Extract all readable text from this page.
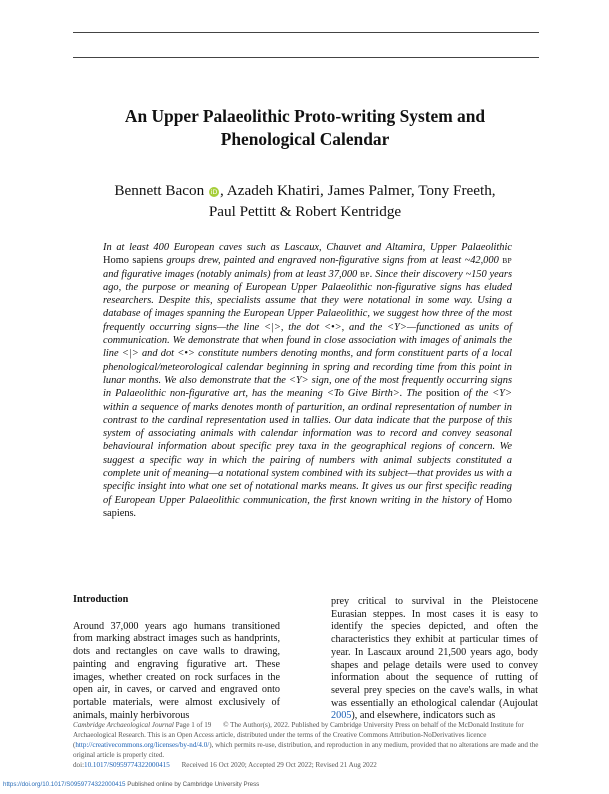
An Upper Palaeolithic Proto-writing System and
Phenological Calendar
Bennett Bacon iD , Azadeh Khatiri, James Palmer, Tony Freeth,
Paul Pettitt & Robert Kentridge
In at least 400 European caves such as Lascaux, Chauvet and Altamira, Upper Palaeolithic Homo sapiens groups drew, painted and engraved non-figurative signs from at least ~42,000 BP and figurative images (notably animals) from at least 37,000 BP. Since their discovery ~150 years ago, the purpose or meaning of European Upper Palaeolithic non-figurative signs has eluded researchers. Despite this, specialists assume that they were notational in some way. Using a database of images spanning the European Upper Palaeolithic, we suggest how three of the most frequently occurring signs—the line <|>, the dot <•>, and the <Y>—functioned as units of communication. We demonstrate that when found in close association with images of animals the line <|> and dot <•> constitute numbers denoting months, and form constituent parts of a local phenological/meteorological calendar beginning in spring and recording time from this point in lunar months. We also demonstrate that the <Y> sign, one of the most frequently occurring signs in Palaeolithic non-figurative art, has the meaning <To Give Birth>. The position of the <Y> within a sequence of marks denotes month of parturition, an ordinal representation of number in contrast to the cardinal representation used in tallies. Our data indicate that the purpose of this system of associating animals with calendar information was to record and convey seasonal behavioural information about specific prey taxa in the geographical regions of concern. We suggest a specific way in which the pairing of numbers with animal subjects constituted a complete unit of meaning—a notational system combined with its subject—that provides us with a specific insight into what one set of notational marks means. It gives us our first specific reading of European Upper Palaeolithic communication, the first known writing in the history of Homo sapiens.
Introduction

Around 37,000 years ago humans transitioned from marking abstract images such as handprints, dots and rectangles on cave walls to drawing, painting and engraving figurative art. These images, whether created on rock surfaces in the open air, in caves, or carved and engraved onto portable materials, were almost exclusively of animals, mainly herbivorous

prey critical to survival in the Pleistocene Eurasian steppes. In most cases it is easy to identify the species depicted, and often the characteristics they exhibit at particular times of year. In Lascaux around 21,500 years ago, body shapes and pelage details were used to convey information about the sequence of rutting of several prey species on the cave's walls, in what was essentially an ethological calendar (Aujoulat 2005), and elsewhere, indicators such as

Cambridge Archaeological Journal Page 1 of 19 © The Author(s), 2022. Published by Cambridge University Press on behalf of the McDonald Institute for Archaeological Research. This is an Open Access article, distributed under the terms of the Creative Commons Attribution-NoDerivatives licence (http://creativecommons.org/licenses/by-nd/4.0/), which permits re-use, distribution, and reproduction in any medium, provided that no alterations are made and the original article is properly cited.
doi:10.1017/S0959774322000415 Received 16 Oct 2020; Accepted 29 Oct 2022; Revised 21 Aug 2022
https://doi.org/10.1017/S0959774322000415 Published online by Cambridge University Press
